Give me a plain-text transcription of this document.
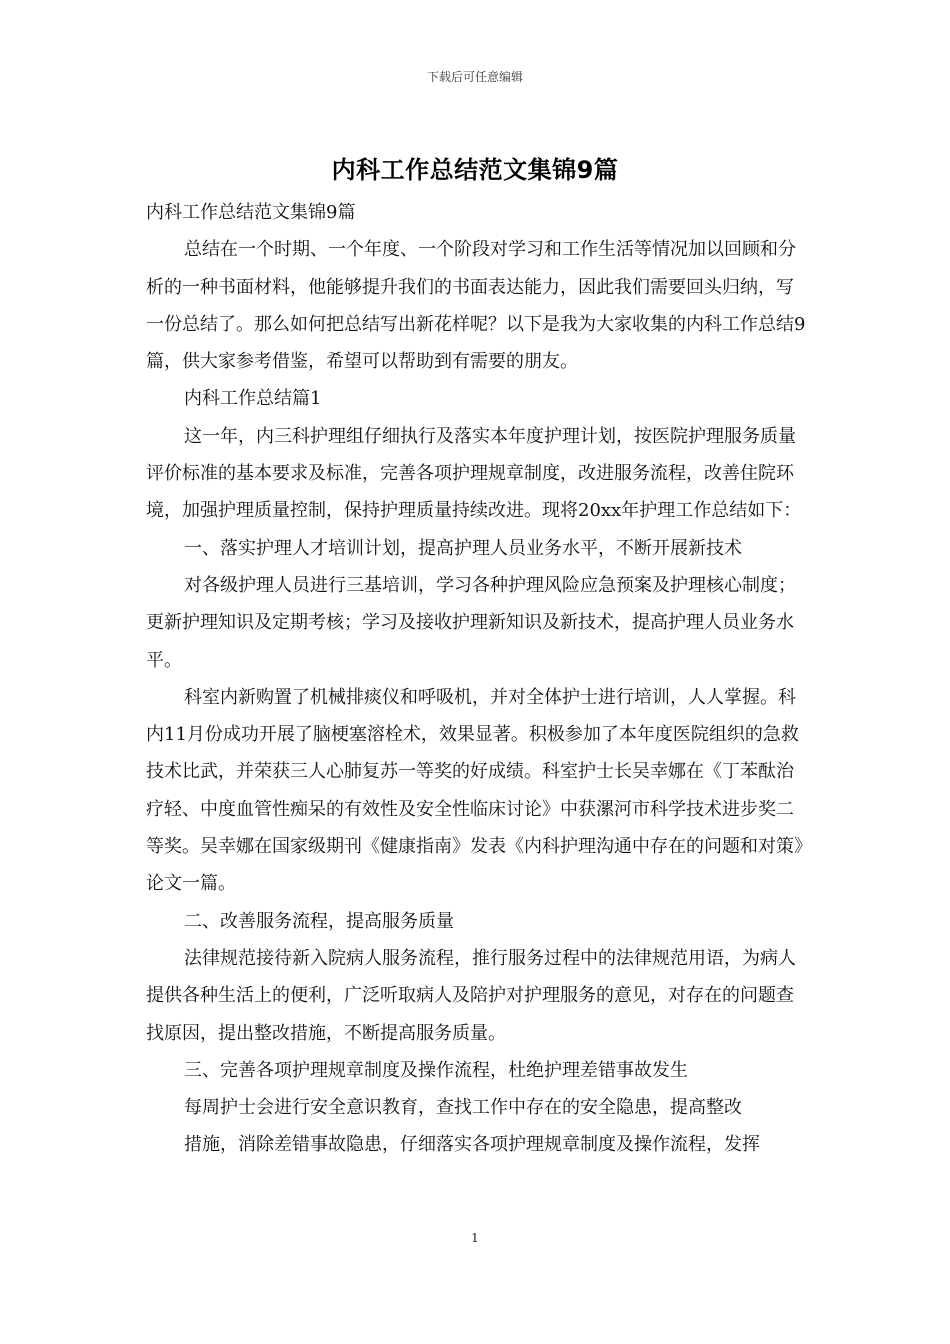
下载后可任意编辑
内科工作总结范文集锦9篇

内科工作总结范文集锦9篇

总结在一个时期、一个年度、一个阶段对学习和工作生活等情况加以回顾和分析的一种书面材料，他能够提升我们的书面表达能力，因此我们需要回头归纳，写一份总结了。那么如何把总结写出新花样呢？以下是我为大家收集的内科工作总结9篇，供大家参考借鉴，希望可以帮助到有需要的朋友。

内科工作总结篇1

这一年，内三科护理组仔细执行及落实本年度护理计划，按医院护理服务质量评价标准的基本要求及标准，完善各项护理规章制度，改进服务流程，改善住院环境，加强护理质量控制，保持护理质量持续改进。现将20xx年护理工作总结如下：

一、落实护理人才培训计划，提高护理人员业务水平，不断开展新技术

对各级护理人员进行三基培训，学习各种护理风险应急预案及护理核心制度；更新护理知识及定期考核；学习及接收护理新知识及新技术，提高护理人员业务水平。

科室内新购置了机械排痰仪和呼吸机，并对全体护士进行培训，人人掌握。科内11月份成功开展了脑梗塞溶栓术，效果显著。积极参加了本年度医院组织的急救技术比武，并荣获三人心肺复苏一等奖的好成绩。科室护士长吴幸娜在《丁苯酞治疗轻、中度血管性痴呆的有效性及安全性临床讨论》中获漯河市科学技术进步奖二等奖。吴幸娜在国家级期刊《健康指南》发表《内科护理沟通中存在的问题和对策》论文一篇。

二、改善服务流程，提高服务质量

法律规范接待新入院病人服务流程，推行服务过程中的法律规范用语，为病人提供各种生活上的便利，广泛听取病人及陪护对护理服务的意见，对存在的问题查找原因，提出整改措施，不断提高服务质量。

三、完善各项护理规章制度及操作流程，杜绝护理差错事故发生

每周护士会进行安全意识教育，查找工作中存在的安全隐患，提高整改

措施，消除差错事故隐患，仔细落实各项护理规章制度及操作流程，发挥

1
